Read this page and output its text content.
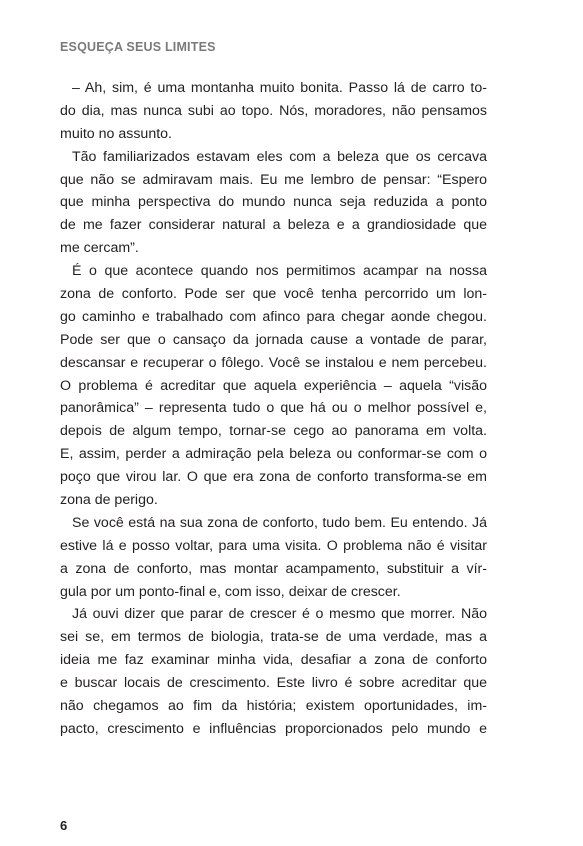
ESQUEÇA SEUS LIMITES
– Ah, sim, é uma montanha muito bonita. Passo lá de carro to-
do dia, mas nunca subi ao topo. Nós, moradores, não pensamos
muito no assunto.
Tão familiarizados estavam eles com a beleza que os cercava
que não se admiravam mais. Eu me lembro de pensar: “Espero
que minha perspectiva do mundo nunca seja reduzida a ponto
de me fazer considerar natural a beleza e a grandiosidade que
me cercam”.
É o que acontece quando nos permitimos acampar na nossa
zona de conforto. Pode ser que você tenha percorrido um lon-
go caminho e trabalhado com afinco para chegar aonde chegou.
Pode ser que o cansaço da jornada cause a vontade de parar,
descansar e recuperar o fôlego. Você se instalou e nem percebeu.
O problema é acreditar que aquela experiência – aquela “visão
panorâmica” – representa tudo o que há ou o melhor possível e,
depois de algum tempo, tornar-se cego ao panorama em volta.
E, assim, perder a admiração pela beleza ou conformar-se com o
poço que virou lar. O que era zona de conforto transforma-se em
zona de perigo.
Se você está na sua zona de conforto, tudo bem. Eu entendo. Já
estive lá e posso voltar, para uma visita. O problema não é visitar
a zona de conforto, mas montar acampamento, substituir a vír-
gula por um ponto-final e, com isso, deixar de crescer.
Já ouvi dizer que parar de crescer é o mesmo que morrer. Não
sei se, em termos de biologia, trata-se de uma verdade, mas a
ideia me faz examinar minha vida, desafiar a zona de conforto
e buscar locais de crescimento. Este livro é sobre acreditar que
não chegamos ao fim da história; existem oportunidades, im-
pacto, crescimento e influências proporcionados pelo mundo e
6
